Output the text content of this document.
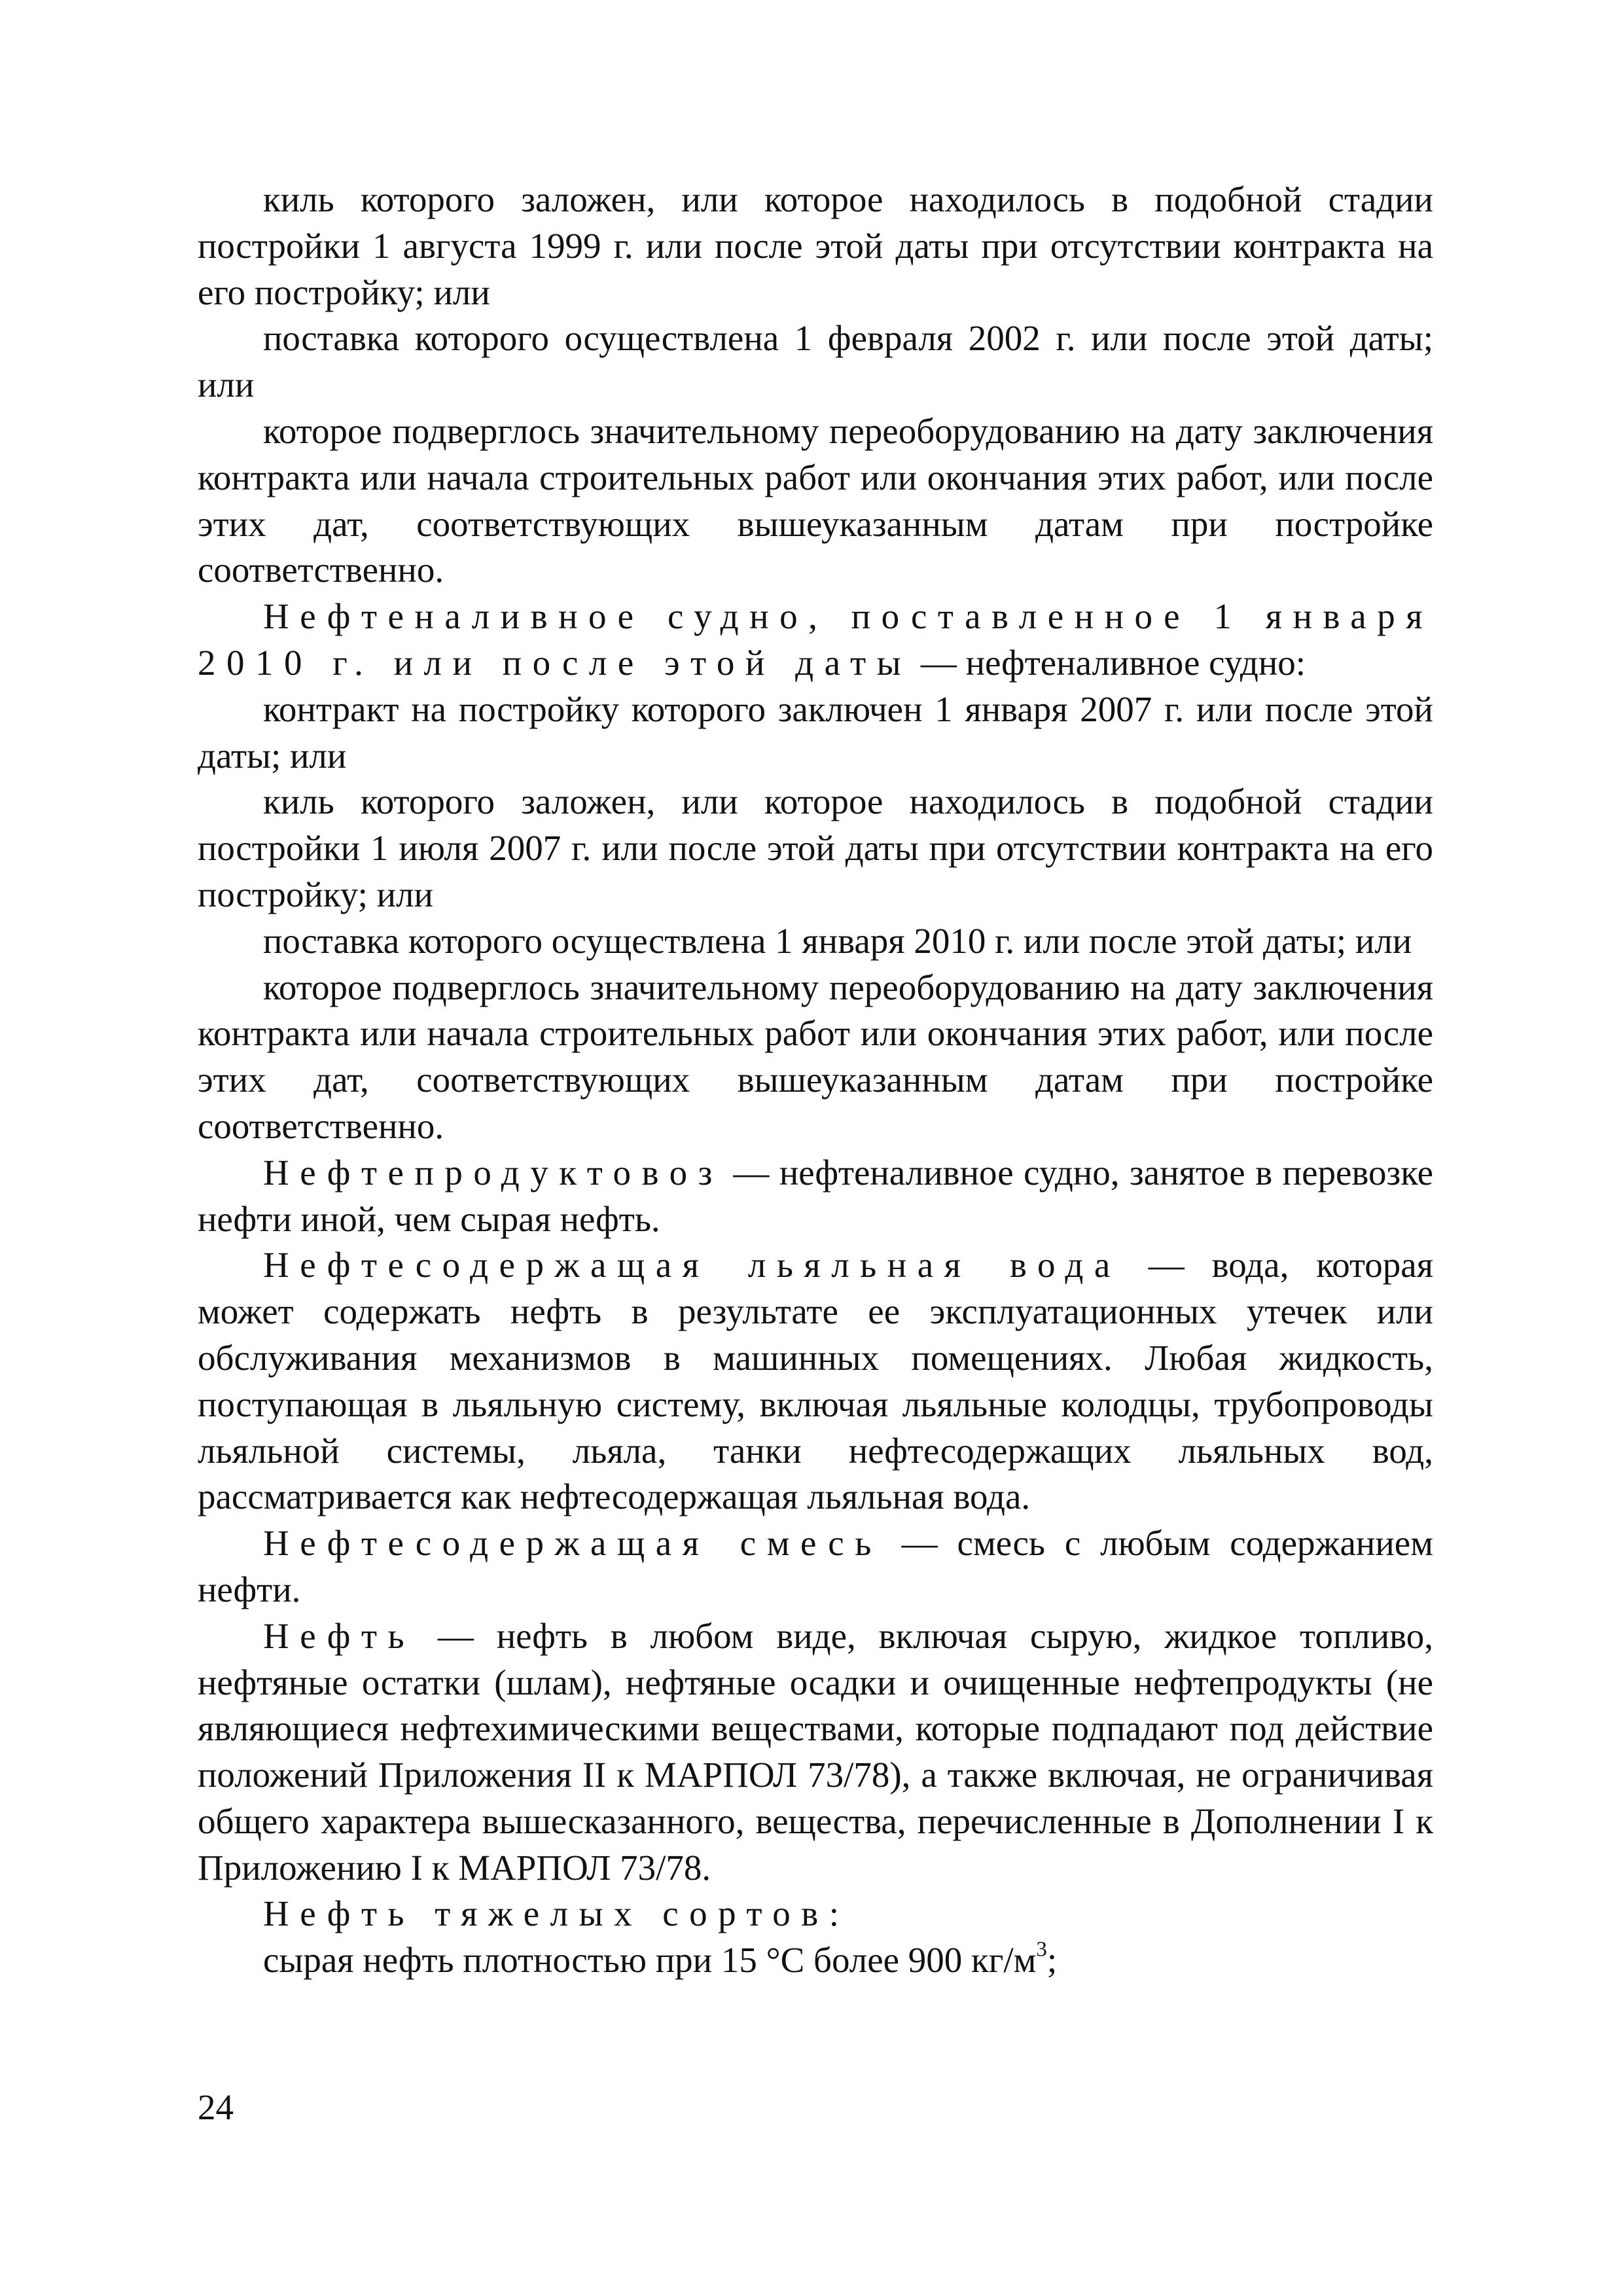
киль которого заложен, или которое находилось в подобной стадии постройки 1 августа 1999 г. или после этой даты при отсутствии контракта на его постройку; или

поставка которого осуществлена 1 февраля 2002 г. или после этой даты; или

которое подверглось значительному переоборудованию на дату заключения контракта или начала строительных работ или окончания этих работ, или после этих дат, соответствующих вышеуказанным датам при постройке соответственно.

Нефтеналивное судно, поставленное 1 января 2010 г. или после этой даты — нефтеналивное судно:

контракт на постройку которого заключен 1 января 2007 г. или после этой даты; или

киль которого заложен, или которое находилось в подобной стадии постройки 1 июля 2007 г. или после этой даты при отсутствии контракта на его постройку; или

поставка которого осуществлена 1 января 2010 г. или после этой даты; или

которое подверглось значительному переоборудованию на дату заключения контракта или начала строительных работ или окончания этих работ, или после этих дат, соответствующих вышеуказанным датам при постройке соответственно.

Нефтепродуктовоз — нефтеналивное судно, занятое в перевозке нефти иной, чем сырая нефть.

Нефтесодержащая льяльная вода — вода, которая может содержать нефть в результате ее эксплуатационных утечек или обслуживания механизмов в машинных помещениях. Любая жидкость, поступающая в льяльную систему, включая льяльные колодцы, трубопроводы льяльной системы, льяла, танки нефтесодержащих льяльных вод, рассматривается как нефтесодержащая льяльная вода.

Нефтесодержащая смесь — смесь с любым содержанием нефти.

Нефть — нефть в любом виде, включая сырую, жидкое топливо, нефтяные остатки (шлам), нефтяные осадки и очищенные нефтепродукты (не являющиеся нефтехимическими веществами, которые подпадают под действие положений Приложения II к МАРПОЛ 73/78), а также включая, не ограничивая общего характера вышесказанного, вещества, перечисленные в Дополнении I к Приложению I к МАРПОЛ 73/78.

Нефть тяжелых сортов:

сырая нефть плотностью при 15 °С более 900 $кг/м^3$;

24
